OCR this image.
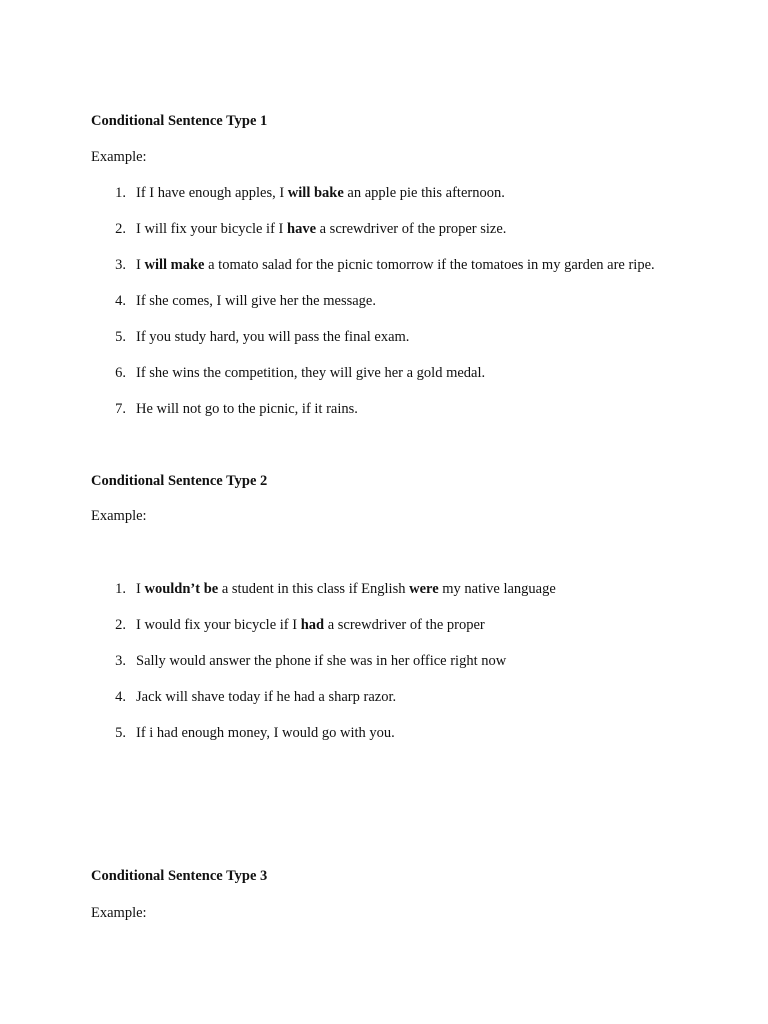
Conditional Sentence Type 1
Example:
1. If I have enough apples, I will bake an apple pie this afternoon.
2. I will fix your bicycle if I have a screwdriver of the proper size.
3. I will make a tomato salad for the picnic tomorrow if the tomatoes in my garden are ripe.
4. If she comes, I will give her the message.
5. If you study hard, you will pass the final exam.
6. If she wins the competition, they will give her a gold medal.
7. He will not go to the picnic, if it rains.
Conditional Sentence Type 2
Example:
1. I wouldn’t be a student in this class if English were my native language
2. I would fix your bicycle if I had a screwdriver of the proper
3. Sally would answer the phone if she was in her office right now
4. Jack will shave today if he had a sharp razor.
5. If i had enough money, I would go with you.
Conditional Sentence Type 3
Example:
